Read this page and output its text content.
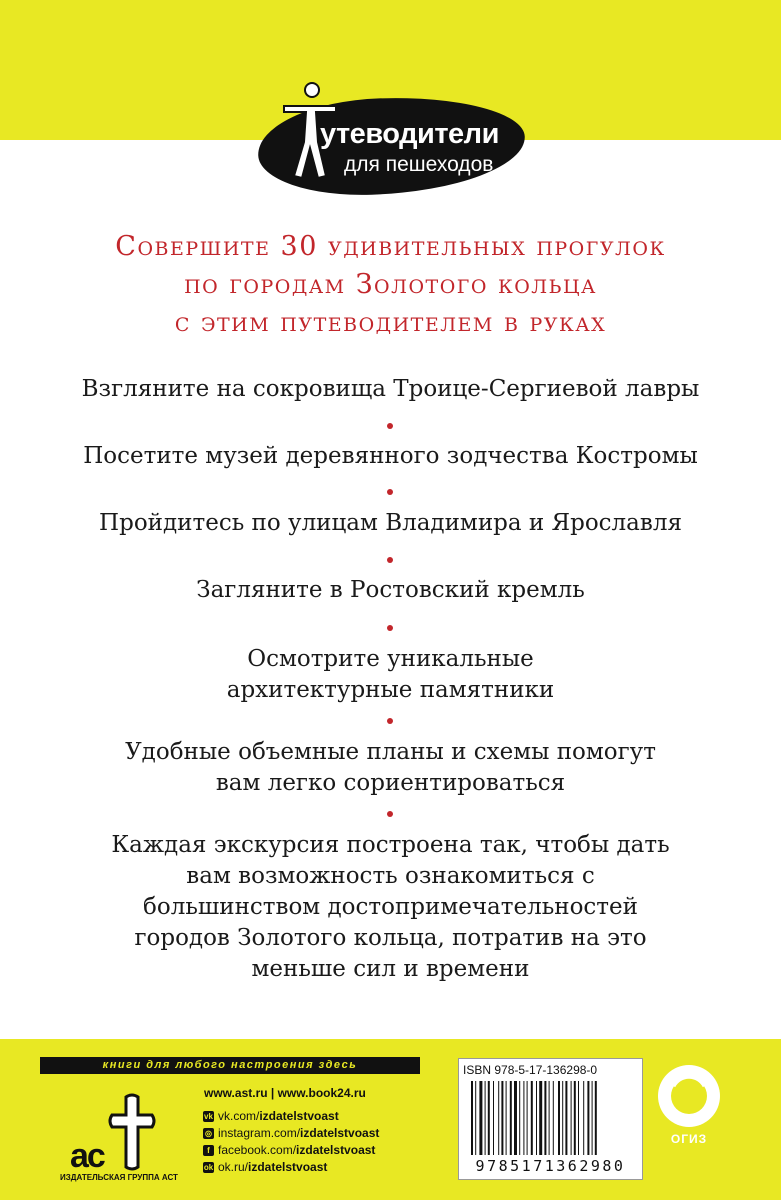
утеводители
для пешеходов
Совершите 30 удивительных прогулок
по городам Золотого кольца
с этим путеводителем в руках
Взгляните на сокровища Троице-Сергиевой лавры
Посетите музей деревянного зодчества Костромы
Пройдитесь по улицам Владимира и Ярославля
Загляните в Ростовский кремль
Осмотрите уникальные архитектурные памятники
Удобные объемные планы и схемы помогут вам легко сориентироваться
Каждая экскурсия построена так, чтобы дать вам возможность ознакомиться с большинством достопримечательностей городов Золотого кольца, потратив на это меньше сил и времени
книги для любого настроения здесь
ac
ИЗДАТЕЛЬСКАЯ ГРУППА АСТ
www.ast.ru | www.book24.ru
vk vk.com/ izdatelstvoast
◎ instagram.com/ izdatelstvoast
f facebook.com/ izdatelstvoast
ok ok.ru/ izdatelstvoast
ISBN 978-5-17-136298-0
9785171362980
ОГИЗ
